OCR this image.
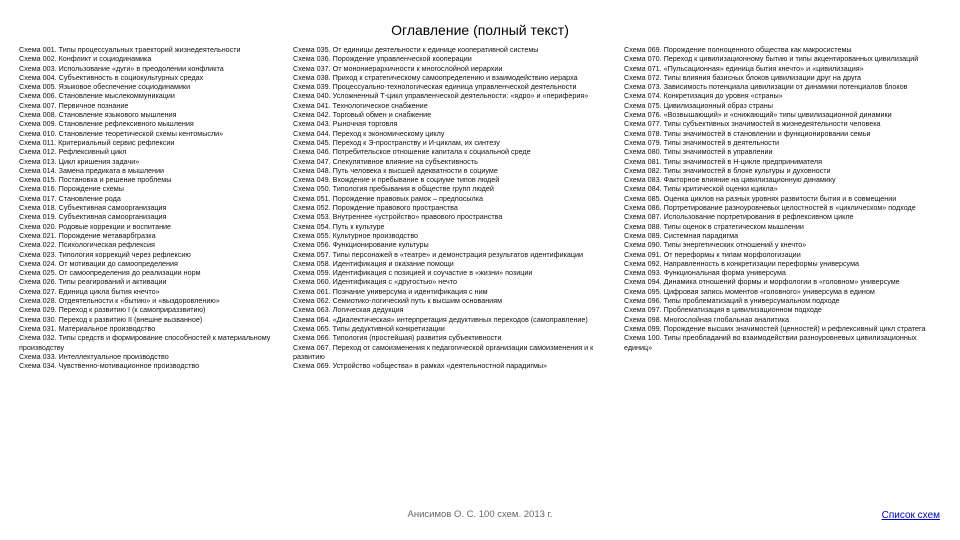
Оглавление (полный текст)
Схема 001. Типы процессуальных траекторий жизнедеятельности
Схема 002. Конфликт и социодинамика
Схема 003. Использование «дуги» в преодолении конфликта
Схема 004. Субъективность в социокультурных средах
Схема 005. Языковое обеспечение социодинамики
Схема 006. Становление мыслекоммуникации
Схема 007. Первичное познание
Схема 008. Становление языкового мышления
Схема 009. Становление рефлексивного мышления
Схема 010. Становление теоретической схемы кентомысли»
Схема 011. Критериальный сервис рефлексии
Схема 012. Рефлексивный цикл
Схема 013. Цикл кришения задачи»
Схема 014. Замена предиката в мышлении
Схема 015. Постановка и решение проблемы
Схема 016. Порождение схемы
Схема 017. Становление рода
Схема 018. Субъективная самоорганизация
Схема 019. Субъективная самоорганизация
Схема 020. Родовые коррекции и воспитание
Схема 021. Порождение метаварбгразка
Схема 022. Психологическая рефлексия
Схема 023. Типология коррекций через рефлексию
Схема 024. От мотивации до самоопределения
Схема 025. От самоопределения до реализации норм
Схема 026. Типы реагирований и активации
Схема 027. Единица цикла бытия кнечто»
Схема 028. Отдеятельности к «бытию» и «выздоровлению»
Схема 029. Переход к развитию I (к самоприраззвитию)
Схема 030. Переход к развитию II (внешне вызванное)
Схема 031. Материальное производство
Схема 032. Типы средств и формирование способностей к материальному производству
Схема 033. Интеллектуальное производство
Схема 034. Чувственно-мотивационное производство
Схема 035. От единицы деятельности к единице кооперативной системы
Схема 036. Порождение управленческой кооперации
Схема 037. От монониерархичности к многослойной иерархии
Схема 038. Приход к стратегическому самоопределению и взаимодействию иерарха
Схема 039. Процессуально-технологическая единица управленческой деятельности
Схема 040. Усложненный Т-цикл управленческой деятельности: «ядро» и «периферия»
Схема 041. Технологическое снабжение
Схема 042. Торговый обмен и снабжение
Схема 043. Рыночная торговля
Схема 044. Переход к экономическому циклу
Схема 045. Переход к Э-пространству и И-циклам, их синтезу
Схема 046. Потребительское отношение капитала к социальной среде
Схема 047. Спекулятивное влияние на субъективность
Схема 048. Путь человека к высшей адекватности в социуме
Схема 049. Вхождение и пребывание в социуме типов людей
Схема 050. Типология пребывания в обществе групп людей
Схема 051. Порождение правовых рамок – предпосылка
Схема 052. Порождение правового пространства
Схема 053. Внутреннее «устройство» правового пространства
Схема 054. Путь к культуре
Схема 055. Культурное производство
Схема 056. Функционирование культуры
Схема 057. Типы персонажей в «театре» и демонстрация результатов идентификации
Схема 058. Идентификация и оказание помощи
Схема 059. Идентификация с позицией и соучастие в «жизни» позиции
Схема 060. Идентификация с «другостью» нечто
Схема 061. Познание универсума и идентификация с ним
Схема 062. Семиотико-логический путь к высшим основаниям
Схема 063. Логическая дедукция
Схема 064. «Диалектическая» интерпретация дедуктивных переходов (самоправление)
Схема 065. Типы дедуктивной конкретизации
Схема 066. Типология (простейшая) развития субъективности
Схема 067. Переход от самоизменения к педагогической организации самоизменения и к развитию
Схема 069. Устройство «общества» в рамках «деятельностной парадигмы»
Схема 069. Порождение полноценного общества как макросистемы
Схема 070. Переход к цивилизационному бытию и типы акцентированных цивилизаций
Схема 071. «Пульсационная» единица бытия кнечто» и «цивилизация»
Схема 072. Типы влияния базисных блоков цивилизации друг на друга
Схема 073. Зависимость потенциала цивилизации от динамики потенциалов блоков
Схема 074. Конкретизация до уровня «страны»
Схема 075. Цивилизационный образ страны
Схема 076. «Возвышающий» и «снижающий» типы цивилизационной динамики
Схема 077. Типы субъективных значимостей в жизнедеятельности человека
Схема 078. Типы значимостей в становлении и функционировании семьи
Схема 079. Типы значимостей в деятельности
Схема 080. Типы значимостей в управлении
Схема 081. Типы значимостей в Н-цикле предпринимателя
Схема 082. Типы значимостей в блоке культуры и духовности
Схема 083. Факторное влияние на цивилизационную динамику
Схема 084. Типы критической оценки кцикла»
Схема 085. Оценка циклов на разных уровнях развитости бытия и в совмещении
Схема 086. Портретирование разноуровневых целостностей в «циклическом» подходе
Схема 087. Использование портретирования в рефлексивном цикле
Схема 088. Типы оценок в стратегическом мышлении
Схема 089. Системная парадигма
Схема 090. Типы энергетических отношений у кнечто»
Схема 091. От переформы к типам морфологизации
Схема 092. Направленность в конкретизации переформы универсума
Схема 093. Функциональная форма универсума
Схема 094. Динамика отношений формы и морфологии в «головном» универсуме
Схема 095. Цифровая запись моментов «головного» универсума в едином
Схема 096. Типы проблематизаций в универсумальном подходе
Схема 097. Проблематизация в цивилизационном подходе
Схема 098. Многослойная глобальная аналитика
Схема 099. Порождение высших значимостей (ценностей) и рефлексивный цикл стратега
Схема 100. Типы преобладаний во взаимодействии разноуровневых цивилизационных единиц»
Анисимов О. С. 100 схем. 2013 г.	Список схем
